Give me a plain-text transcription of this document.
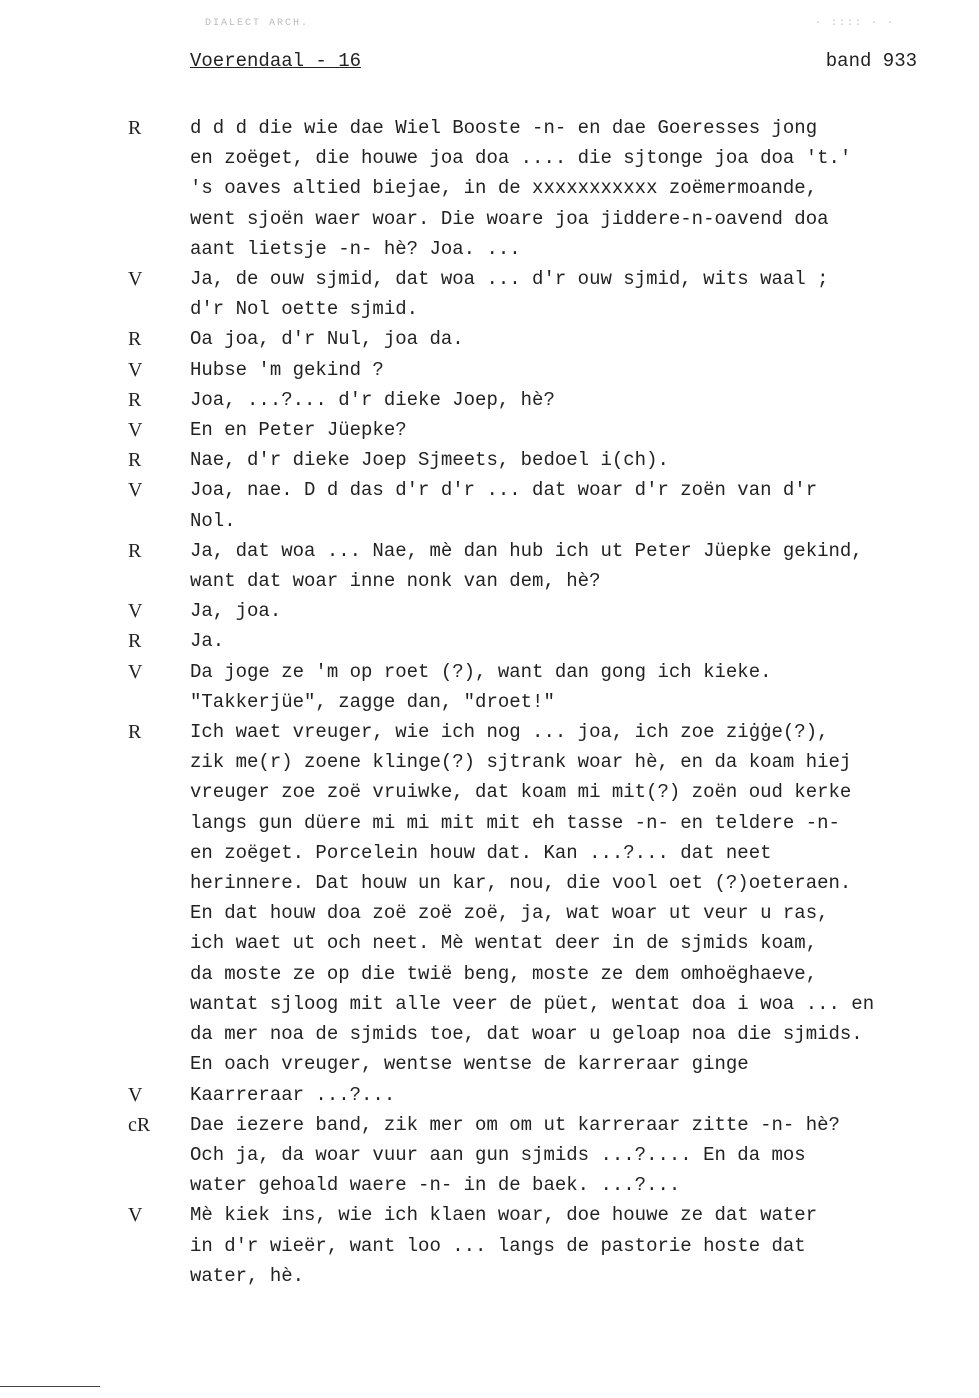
DIALECT ARCH.	· :::: · ·
Voerendaal - 16	band 933
R	d d d die wie dae Wiel Booste -n- en dae Goeresses jong
en zoëget, die houwe joa doa .... die sjtonge joa doa 't.'
's oaves altied biejae, in de xxxxxxxxxxx zoëmermoande,
went sjoën waer woar. Die woare joa jiddere-n-oavend doa
aant lietsje -n- hè? Joa. ...
V	Ja, de ouw sjmid, dat woa ... d'r ouw sjmid, wits waal ;
d'r Nol oette sjmid.
R	Oa joa, d'r Nul, joa da.
V	Hubse 'm gekind ?
R	Joa, ...?... d'r dieke Joep, hè?
V	En en Peter Jüepke?
R	Nae, d'r dieke Joep Sjmeets, bedoel i(ch).
V	Joa, nae. D d das d'r d'r ... dat woar d'r zoën van d'r
Nol.
R	Ja, dat woa ... Nae, mè dan hub ich ut Peter Jüepke gekind,
want dat woar inne nonk van dem, hè?
V	Ja, joa.
R	Ja.
V	Da joge ze 'm op roet (?), want dan gong ich kieke.
"Takkerjüe", zagge dan, "droet!"
R	Ich waet vreuger, wie ich nog ... joa, ich zoe ziġġe(?),
zik me(r) zoene klinge(?) sjtrank woar hè, en da koam hiej
vreuger zoe zoë vruiwke, dat koam mi mit(?) zoën oud kerke
langs gun düere mi mi mit mit eh tasse -n- en teldere -n-
en zoëget. Porcelein houw dat. Kan ...?... dat neet
herinnere. Dat houw un kar, nou, die vool oet (?)oeteraen.
En dat houw doa zoë zoë zoë, ja, wat woar ut veur u ras,
ich waet ut och neet. Mè wentat deer in de sjmids koam,
da moste ze op die twië beng, moste ze dem omhoëghaeve,
wantat sjloog mit alle veer de püet, wentat doa i woa ... en
da mer noa de sjmids toe, dat woar u geloap noa die sjmids.
En oach vreuger, wentse wentse de karreraar ginge
V	Kaarreraar ...?...
cR	Dae iezere band, zik mer om om ut karreraar zitte -n- hè?
Och ja, da woar vuur aan gun sjmids ...?.... En da mos
water gehoald waere -n- in de baek. ...?...
V	Mè kiek ins, wie ich klaen woar, doe houwe ze dat water
in d'r wieër, want loo ... langs de pastorie hoste dat
water, hè.
